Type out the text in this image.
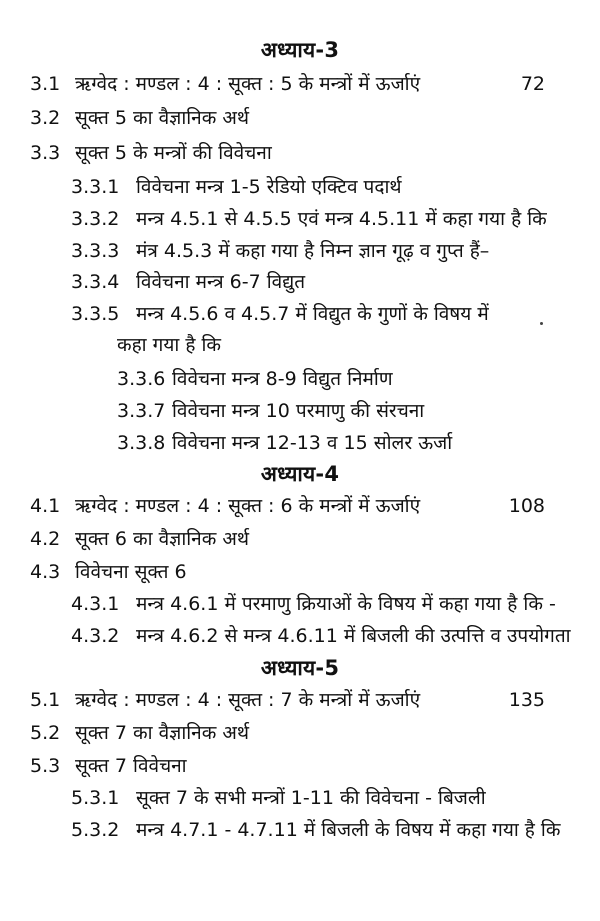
अध्याय-3
3.1 ऋग्वेद : मण्डल : 4 : सूक्त : 5 के मन्त्रों में ऊर्जाएं	72
3.2 सूक्त 5 का वैज्ञानिक अर्थ
3.3 सूक्त 5 के मन्त्रों की विवेचना
3.3.1 विवेचना मन्त्र 1-5 रेडियो एक्टिव पदार्थ
3.3.2 मन्त्र 4.5.1 से 4.5.5 एवं मन्त्र 4.5.11 में कहा गया है कि
3.3.3 मंत्र 4.5.3 में कहा गया है निम्न ज्ञान गूढ़ व गुप्त हैं–
3.3.4 विवेचना मन्त्र 6-7 विद्युत
3.3.5 मन्त्र 4.5.6 व 4.5.7 में विद्युत के गुणों के विषय में
कहा गया है कि
3.3.6 विवेचना मन्त्र 8-9 विद्युत निर्माण
3.3.7 विवेचना मन्त्र 10 परमाणु की संरचना
3.3.8 विवेचना मन्त्र 12-13 व 15 सोलर ऊर्जा
अध्याय-4
4.1 ऋग्वेद : मण्डल : 4 : सूक्त : 6 के मन्त्रों में ऊर्जाएं	108
4.2 सूक्त 6 का वैज्ञानिक अर्थ
4.3 विवेचना सूक्त 6
4.3.1 मन्त्र 4.6.1 में परमाणु क्रियाओं के विषय में कहा गया है कि -
4.3.2 मन्त्र 4.6.2 से मन्त्र 4.6.11 में बिजली की उत्पत्ति व उपयोगता
अध्याय-5
5.1 ऋग्वेद : मण्डल : 4 : सूक्त : 7 के मन्त्रों में ऊर्जाएं	135
5.2 सूक्त 7 का वैज्ञानिक अर्थ
5.3 सूक्त 7 विवेचना
5.3.1 सूक्त 7 के सभी मन्त्रों 1-11 की विवेचना - बिजली
5.3.2 मन्त्र 4.7.1 - 4.7.11 में बिजली के विषय में कहा गया है कि
